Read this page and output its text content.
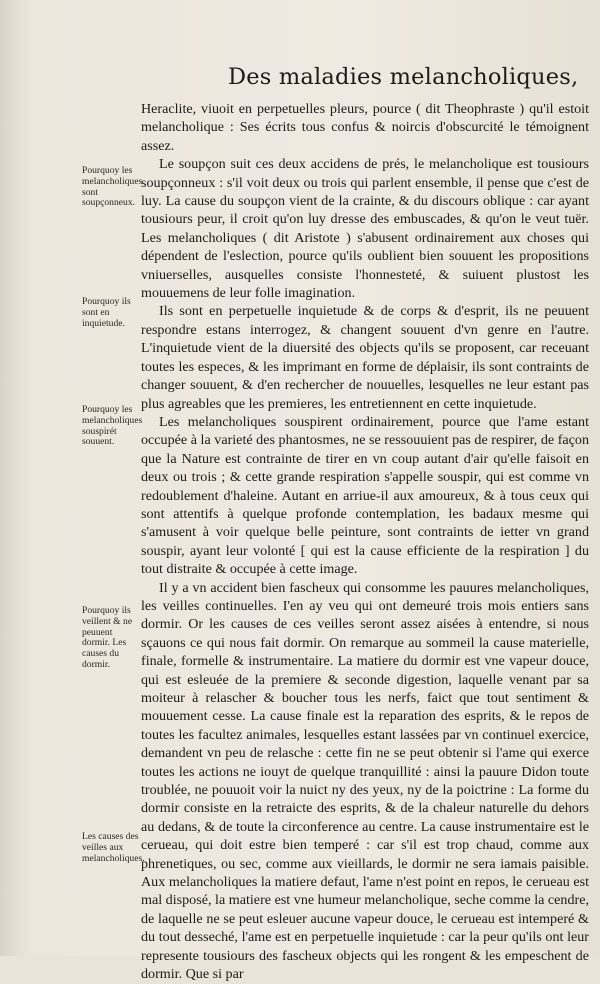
Des maladies melancholiques,

Heraclite, viuoit en perpetuelles pleurs, pource ( dit Theophraste ) qu'il estoit melancholique : Ses écrits tous confus & noircis d'obscurcité le témoignent assez.

Le soupçon suit ces deux accidens de prés, le melancholique est tousiours soupçonneux : s'il voit deux ou trois qui parlent ensemble, il pense que c'est de luy. La cause du soupçon vient de la crainte, & du discours oblique : car ayant tousiours peur, il croit qu'on luy dresse des embuscades, & qu'on le veut tuër. Les melancholiques ( dit Aristote ) s'abusent ordinairement aux choses qui dépendent de l'eslection, pource qu'ils oublient bien souuent les propositions vniuerselles, ausquelles consiste l'honnesteté, & suiuent plustost les mouuemens de leur folle imagination.

Ils sont en perpetuelle inquietude & de corps & d'esprit, ils ne peuuent respondre estans interrogez, & changent souuent d'vn genre en l'autre. L'inquietude vient de la diuersité des objects qu'ils se proposent, car receuant toutes les especes, & les imprimant en forme de déplaisir, ils sont contraints de changer souuent, & d'en rechercher de nouuelles, lesquelles ne leur estant pas plus agreables que les premieres, les entretiennent en cette inquietude.

Les melancholiques souspirent ordinairement, pource que l'ame estant occupée à la varieté des phantosmes, ne se ressouuient pas de respirer, de façon que la Nature est contrainte de tirer en vn coup autant d'air qu'elle faisoit en deux ou trois ; & cette grande respiration s'appelle souspir, qui est comme vn redoublement d'haleine. Autant en arriue-il aux amoureux, & à tous ceux qui sont attentifs à quelque profonde contemplation, les badaux mesme qui s'amusent à voir quelque belle peinture, sont contraints de ietter vn grand souspir, ayant leur volonté [ qui est la cause efficiente de la respiration ] du tout distraite & occupée à cette image.

Il y a vn accident bien fascheux qui consomme les pauures melancholiques, les veilles continuelles. I'en ay veu qui ont demeuré trois mois entiers sans dormir. Or les causes de ces veilles seront assez aisées à entendre, si nous sçauons ce qui nous fait dormir. On remarque au sommeil la cause materielle, finale, formelle & instrumentaire. La matiere du dormir est vne vapeur douce, qui est esleuée de la premiere & seconde digestion, laquelle venant par sa moiteur à relascher & boucher tous les nerfs, faict que tout sentiment & mouuement cesse. La cause finale est la reparation des esprits, & le repos de toutes les facultez animales, lesquelles estant lassées par vn continuel exercice, demandent vn peu de relasche : cette fin ne se peut obtenir si l'ame qui exerce toutes les actions ne iouyt de quelque tranquillité : ainsi la pauure Didon toute troublée, ne pouuoit voir la nuict ny des yeux, ny de la poictrine : La forme du dormir consiste en la retraicte des esprits, & de la chaleur naturelle du dehors au dedans, & de toute la circonference au centre. La cause instrumentaire est le cerueau, qui doit estre bien temperé : car s'il est trop chaud, comme aux phrenetiques, ou sec, comme aux vieillards, le dormir ne sera iamais paisible. Aux melancholiques la matiere defaut, l'ame n'est point en repos, le cerueau est mal disposé, la matiere est vne humeur melancholique, seche comme la cendre, de laquelle ne se peut esleuer aucune vapeur douce, le cerueau est intemperé & du tout desseché, l'ame est en perpetuelle inquietude : car la peur qu'ils ont leur represente tousiours des fascheux objects qui les rongent & les empeschent de dormir. Que si par

Pourquoy les melancholiques sont soupçonneux.
Pourquoy ils sont en inquietude.
Pourquoy les melancholiques souspirét souuent.
Pourquoy ils veillent & ne peuuent dormir. Les causes du dormir.
Les causes des veilles aux melancholiques.
